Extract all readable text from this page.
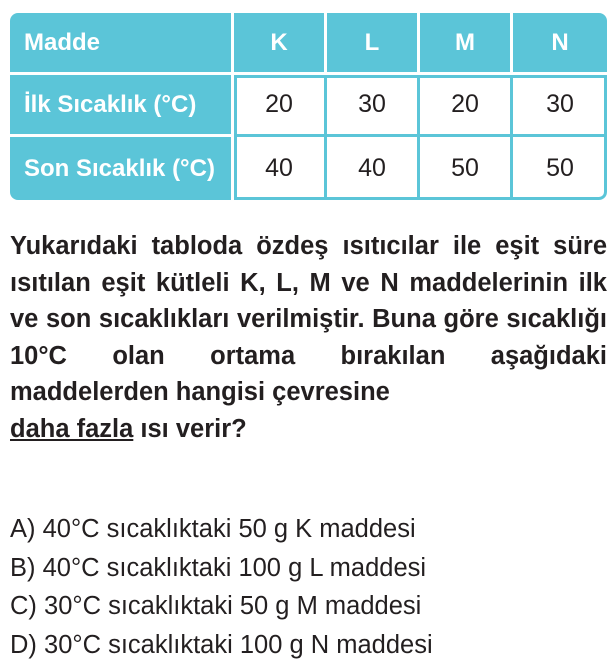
Madde	K	L	M	N
İlk Sıcaklık (°C)	20	30	20	30
Son Sıcaklık (°C)	40	40	50	50

Yukarıdaki tabloda özdeş ısıtıcılar ile eşit süre ısıtılan eşit kütleli K, L, M ve N maddelerinin ilk ve son sıcaklıkları verilmiştir. Buna göre sıcaklığı 10°C olan ortama bırakılan aşağıdaki maddelerden hangisi çevresine
daha fazla ısı verir?

A) 40°C sıcaklıktaki 50 g K maddesi
B) 40°C sıcaklıktaki 100 g L maddesi
C) 30°C sıcaklıktaki 50 g M maddesi
D) 30°C sıcaklıktaki 100 g N maddesi
